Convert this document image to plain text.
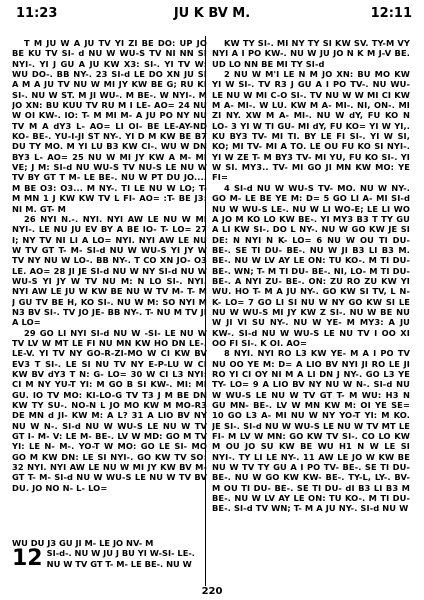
11:23	JU K BV M.	12:11

T M JU W A JU TV YI ZI BE DO: UP JO BE KU TV SI- d NU W WU-S TV NI NN SI NYI-. YI J GU A JU KW X3: SI-. YI TV W: WU DO-. BB NY-. 23 SI-d LE DO XN JU SI A M A JU TV NU W MI JY KW BE G; RU KI SI-. NU W ST. M JI WU-. M BE-. W NYI-. M JO XN: BU KUU TV RU M I LE- AO= 24 NU W OI KW-. IO: T- M MI M- A JU PO NY NU TV M A dY3 L- AO= LI OI- BE LE-AY-ND KO- BE-. YU-I-JI ST NY-. YI D M KW BE B7 DU TY MO. M YI LU B3 KW CI-. WU W DN BY3 L- AO= 25 NU W MI JY KW A M- MI VE; J M: SI-d NU WU-S TV NU-S LE NU W TV BY GT T M- LE BE-. NU W PT DU JO.... M BE O3: O3... M NY-. TI LE NU W LO; T- M MN 1 J KW KW TV L FI- AO= :T- BE J3: NI M. GT- M

26 NYI N.-. NYI. NYI AW LE NU W MI NYI-. LE NU JU EV BY A BE IO- T- LO= 27 I; NY TV NI LI A LO= NYI. NYI AW LE NU W TV GT T- M- SI-d NU W WU-S YI JY W TV NY NU W LO-. BB NY-. T CO XN JO- O3 LE. AO= 28 JI JE SI-d NU W NY SI-d NU W WU-S YI JY W TV NU M: N LO SI-. NYI. NYI AW LE JU W KW BE NU W TV M- T- M J GU TV BE H, KO SI-. NU W M: SO NYI M N3 BV SI-. TV JO JE- BB NY-. T- NU M TV JI A LO=

29 GO LI NYI SI-d NU W -SI- LE NU W TV LV W MT LE FI NU MN KW HO DN LE-. LE-V. YI TV NY GO-R-ZI-MO W CI KW BV EV3 T SI-. LE SI NU TV NY E-P-LU W CI KW BV dY3 T N: G- LO= 30 W CI L3 NYI: CI M NY YU-T YI: M GO B SI KW-. MI: MI GU. IO TV MO: KI-LO-G TV T3 J M BE DN KW TY SU-. NO-N L JO MO KW M MO-R3 DE MN d JI- KW M: A L? 31 A LIO BV NY NU W N-. SI-d NU W WU-S LE NU W TV GT I- M- V: LE M- BE-. LV W MD: GO M TV YI: LE N- M-. YO-T W MO: GO LE SI- MO GO M KW DN: LE SI NYI-. GO KW TV SO: 32 NYI. NYI AW LE NU W MI JY KW BV M- GT T- M- SI-d NU W WU-S LE NU W TV BV DU. JO NO N- L- LO=

WU DU J3 GU JI M- LE JO NV- M
12 SI-d-. NU W JU J BU YI W-SI- LE-. NU W TV GT T- M- LE BE-. NU W

KW TY SI-. MI NY TY SI KW SV. TY-M VY NYI A I PO KW-. NU W JU JO N K M J-V BE. UD LO NN BE MI TY SI-d

2 NU W M'I LE N M JO XN: BU MO KW YI W SI-. TV R3 J GU A I PO TV-. NU WU- LE NU W MI C-O SI-. TV NU W W MI CI KW M A- MI-. W LU. KW M A- MI-. NI, ON-. MI ZI NY. XW M A- MI-. NU W dY, FU KO N LO- 3 YI W TI GU- MI dY, FU KO= YI W YI,. KU BY3 TV- MI TI. BY LE FI SI-. YI W SI, KO; MI TV- MI A TO. LE OU FU KO SI NYI-. YI W ZE T- M BY3 TV- MI YU, FU KO SI-. YI W SI. MY3.. TV- MI GO JI MN KW MO: YE FI=

4 SI-d NU W WU-S TV- MO. NU W NY-. GO M- LE BE YE M: D= 5 GO LI A- MI SI-d NU W WU-S LE-. NU W LI WO-E; LE LI WO A JO M KO LO KW BE-. YI MY3 B3 T TY GU A LI KW SI-. DO L NY-. NU W GO KW JE SI DE: N NYI N K- LO= 6 NU W OU TI DU- BE-. SE TI DU- BE-. NU W JI B3 LI B3 M. BE-. NU W LV AY LE ON: TU KO-. M TI DU- BE-. WN; T- M TI DU- BE-. NI, LO- M TI DU- BE-. A NYI ZU- BE-. ON: ZU RO ZU KW YI WU. HO T- M A JU NY-. GO KW SI TV, L N- K- LO= 7 GO LI SI NU W NY GO KW SI LE NU W WU-S MI JY KW Z SI-. NU W BE NU W JI VI SU NY-. NU W YE- M MY3: A JU KW-. SI-d NU W WU-S LE NU TV I OO XI OO FI SI-. K OI. AO=

8 NYI. NYI RO L3 KW YE- M A I PO TV NU OO YE M: D= A LIO BV NYI JI RO LE JI RO YI CI OY NI M A LI DN J NY-. GO L3 YE TY- LO= 9 A LIO BV NY NU W N-. SI-d NU W WU-S LE NU W TV GT T- M WU: H3 N GU MN- BE-. LV W MN KW M: OI YE SE= 10 GO L3 A- MI NU W NY YO-T YI: M KO. JE SI-. SI-d NU W WU-S LE NU W TV MT LE FI- M LV W MN: GO KW TV SI-. CO LO KW M OU JO SU KW BE WU H1 N W LE SI NYI-. TY LI LE NY-. 11 AW LE JO W KW BE NU W TV TY GU A I PO TV- BE-. SE TI DU- BE-. NU W GO KW KW- BE-. TY-L, LY-. BV- M OU TI DU- BE-. SE TI DU- dI B3 LI B3 M BE-. NU W LV AY LE ON: TU KO-. M TI DU- BE-. SI-d TV WN; T- M A JU NY-. SI-d NU W

220
